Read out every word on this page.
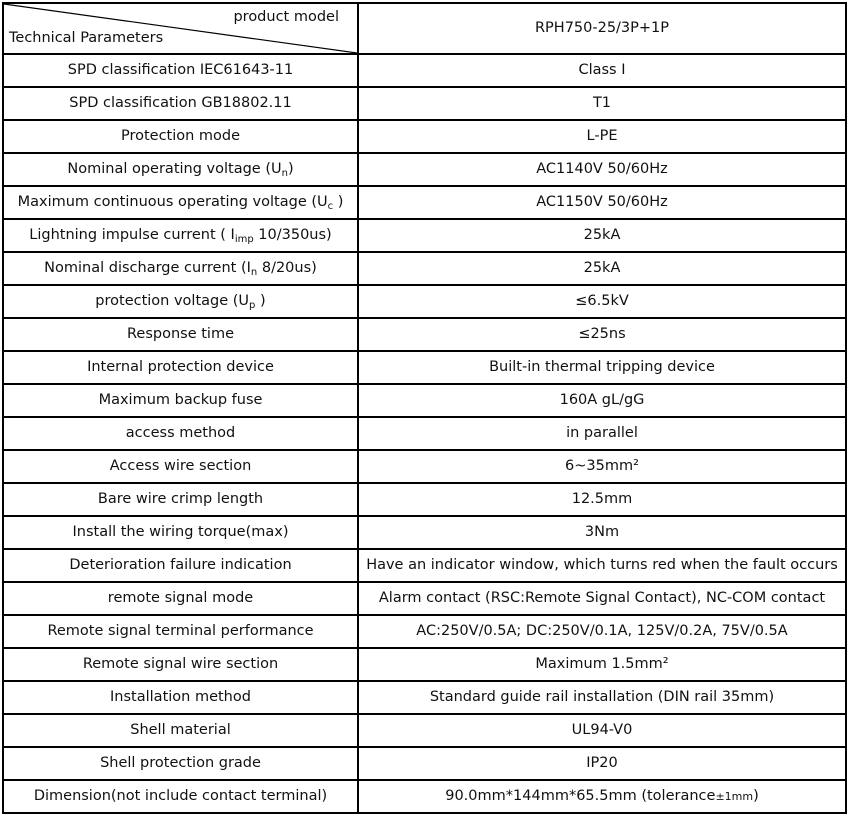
product model
Technical Parameters	RPH750-25/3P+1P
SPD classification IEC61643-11	Class I
SPD classification GB18802.11	T1
Protection mode	L-PE
Nominal operating voltage $(U_n)$	AC1140V 50/60Hz
Maximum continuous operating voltage ($U_c$ )	AC1150V 50/60Hz
Lightning impulse current ( $I_{imp}$ 10/350us)	25kA
Nominal discharge current ($I_n$ 8/20us)	25kA
protection voltage ($U_p$ )	≤6.5kV
Response time	≤25ns
Internal protection device	Built-in thermal tripping device
Maximum backup fuse	160A gL/gG
access method	in parallel
Access wire section	6~35mm²
Bare wire crimp length	12.5mm
Install the wiring torque(max)	3Nm
Deterioration failure indication	Have an indicator window, which turns red when the fault occurs
remote signal mode	Alarm contact (RSC:Remote Signal Contact), NC-COM contact
Remote signal terminal performance	AC:250V/0.5A; DC:250V/0.1A, 125V/0.2A, 75V/0.5A
Remote signal wire section	Maximum 1.5mm²
Installation method	Standard guide rail installation (DIN rail 35mm)
Shell material	UL94-V0
Shell protection grade	IP20
Dimension(not include contact terminal)	90.0mm*144mm*65.5mm (tolerance±1mm)
